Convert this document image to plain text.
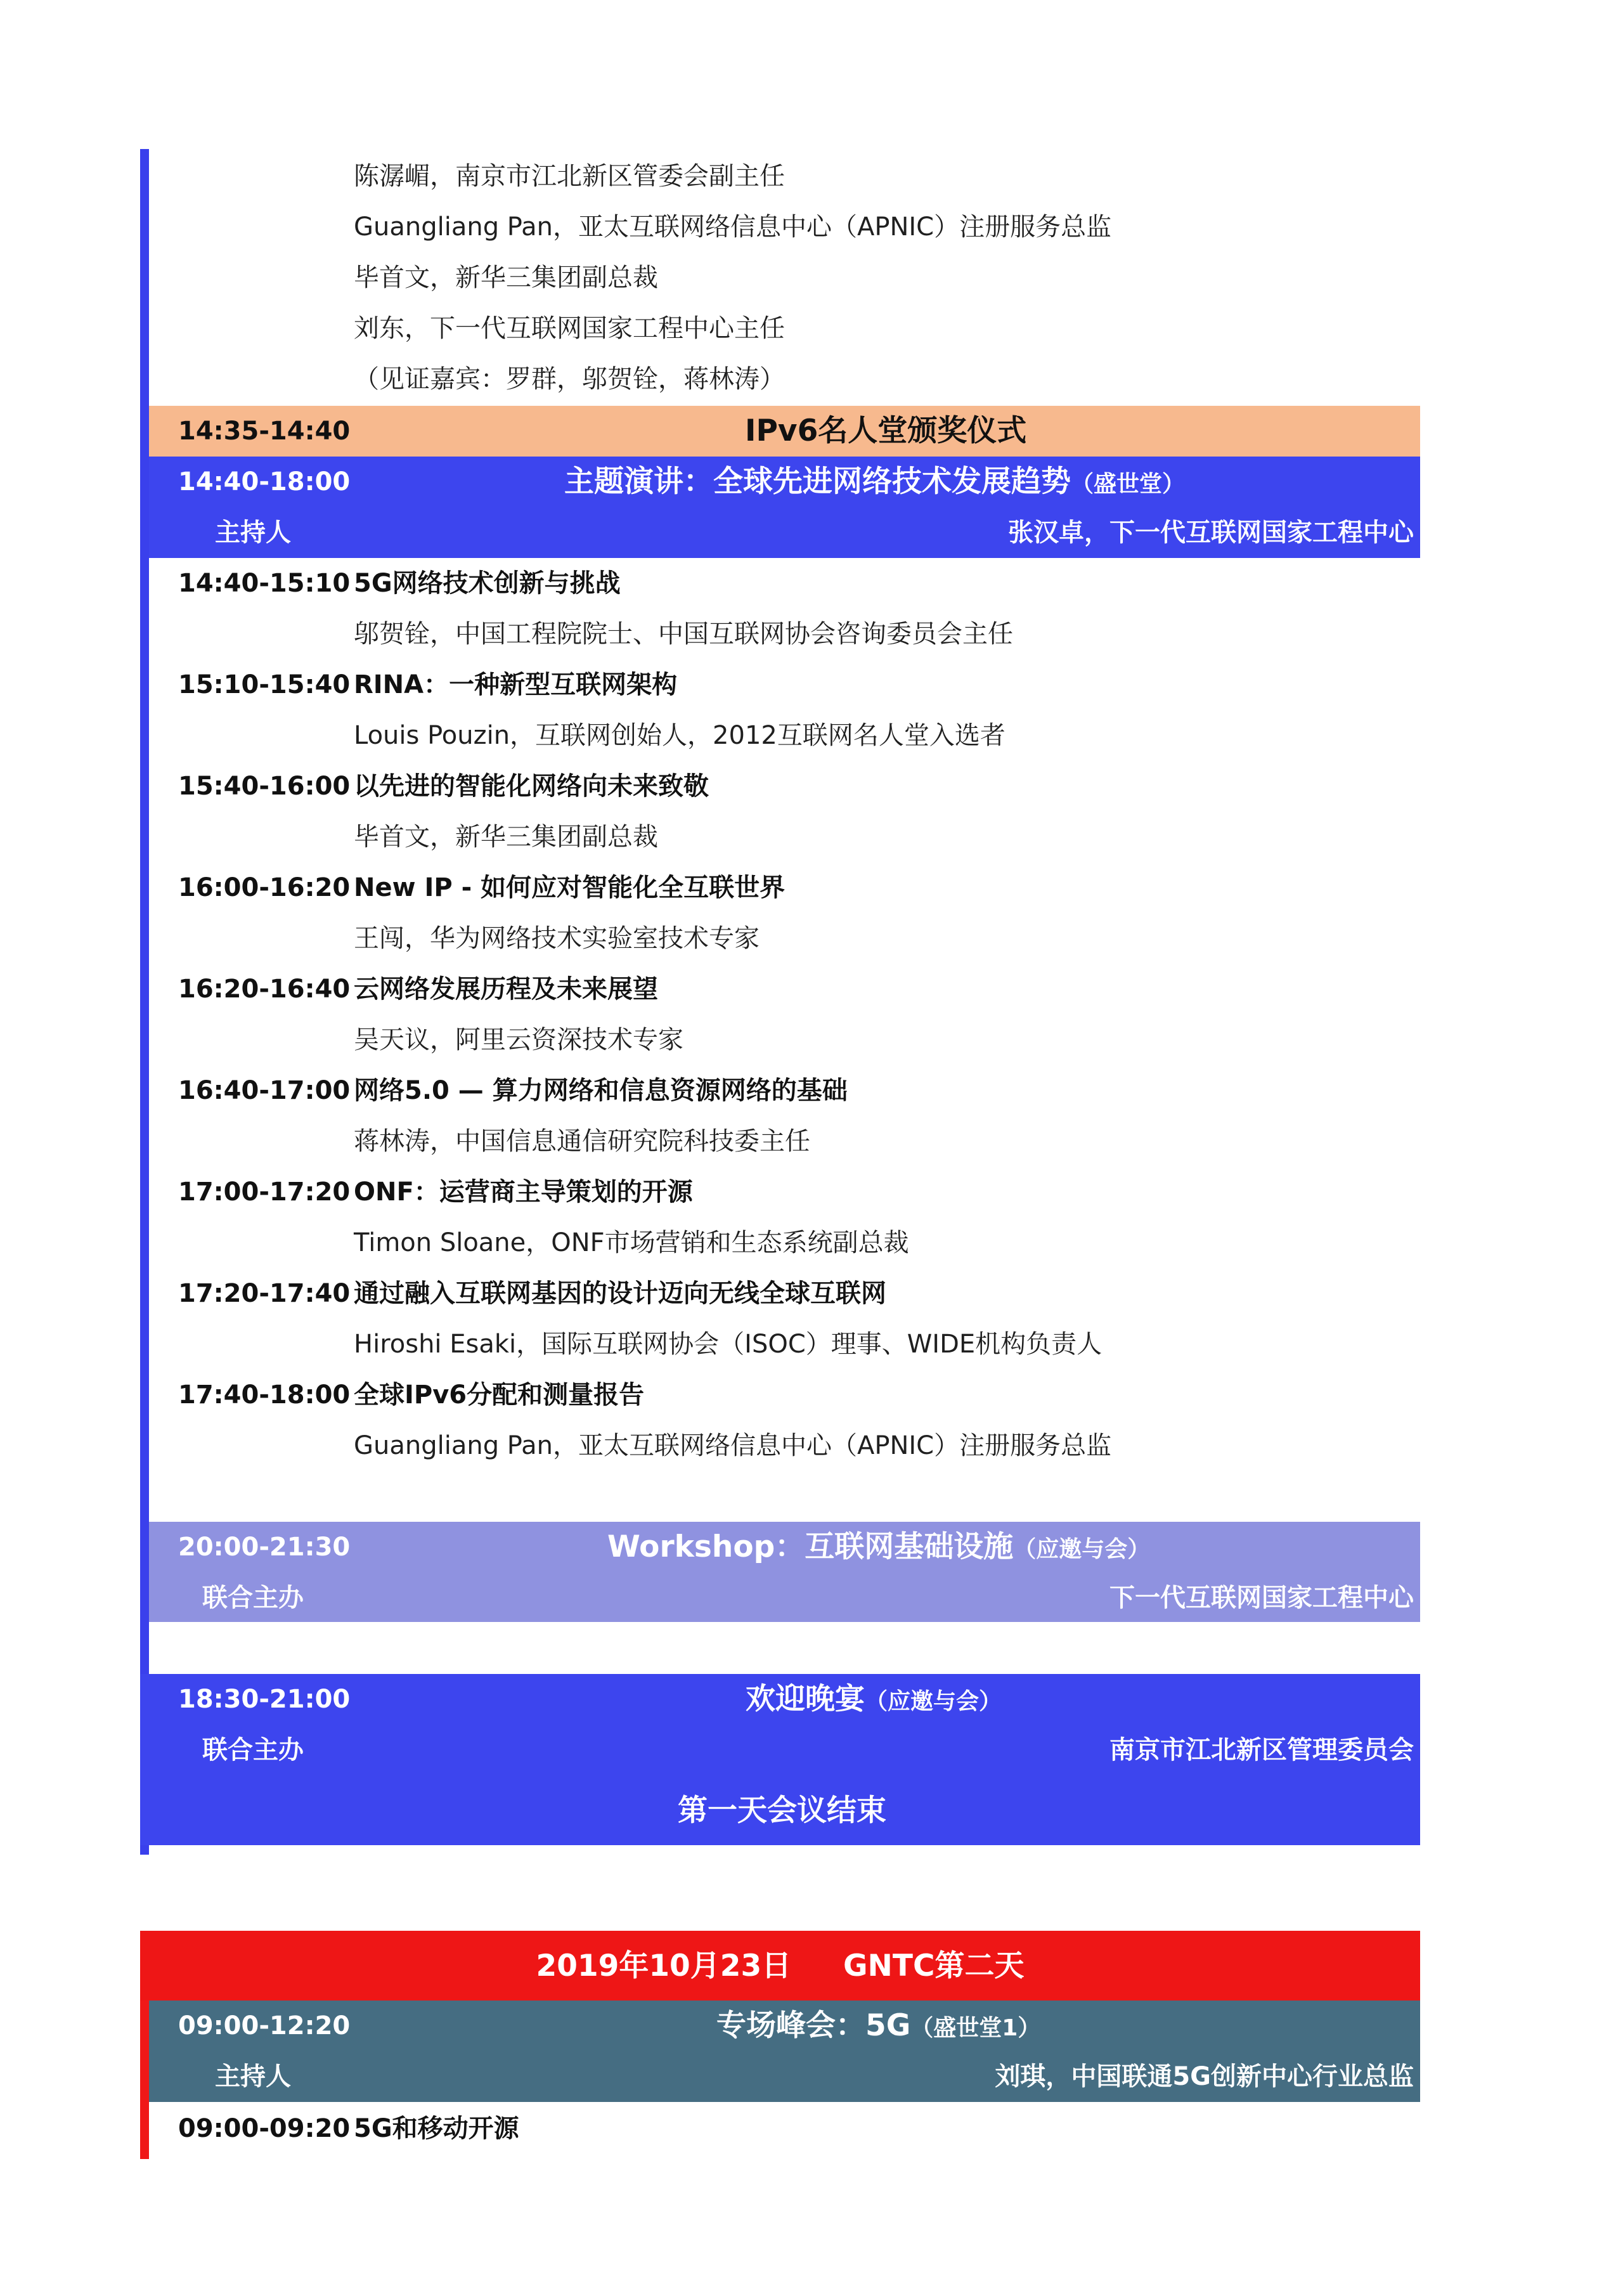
陈潺嵋，南京市江北新区管委会副主任
Guangliang Pan，亚太互联网络信息中心（APNIC）注册服务总监
毕首文，新华三集团副总裁
刘东，下一代互联网国家工程中心主任
（见证嘉宾：罗群，邬贺铨，蒋林涛）
14:35-14:40	IPv6名人堂颁奖仪式
14:40-18:00	主题演讲：全球先进网络技术发展趋势（盛世堂）
主持人	张汉卓，下一代互联网国家工程中心
14:40-15:10 5G网络技术创新与挑战
邬贺铨，中国工程院院士、中国互联网协会咨询委员会主任
15:10-15:40 RINA：一种新型互联网架构
Louis Pouzin，互联网创始人，2012互联网名人堂入选者
15:40-16:00 以先进的智能化网络向未来致敬
毕首文，新华三集团副总裁
16:00-16:20 New IP - 如何应对智能化全互联世界
王闯，华为网络技术实验室技术专家
16:20-16:40 云网络发展历程及未来展望
吴天议，阿里云资深技术专家
16:40-17:00 网络5.0 — 算力网络和信息资源网络的基础
蒋林涛，中国信息通信研究院科技委主任
17:00-17:20 ONF：运营商主导策划的开源
Timon Sloane，ONF市场营销和生态系统副总裁
17:20-17:40 通过融入互联网基因的设计迈向无线全球互联网
Hiroshi Esaki，国际互联网协会（ISOC）理事、WIDE机构负责人
17:40-18:00 全球IPv6分配和测量报告
Guangliang Pan，亚太互联网络信息中心（APNIC）注册服务总监
20:00-21:30	Workshop：互联网基础设施（应邀与会）
联合主办	下一代互联网国家工程中心
18:30-21:00	欢迎晚宴（应邀与会）
联合主办	南京市江北新区管理委员会
第一天会议结束
2019年10月23日     GNTC第二天
09:00-12:20	专场峰会：5G（盛世堂1）
主持人	刘琪，中国联通5G创新中心行业总监
09:00-09:20 5G和移动开源
